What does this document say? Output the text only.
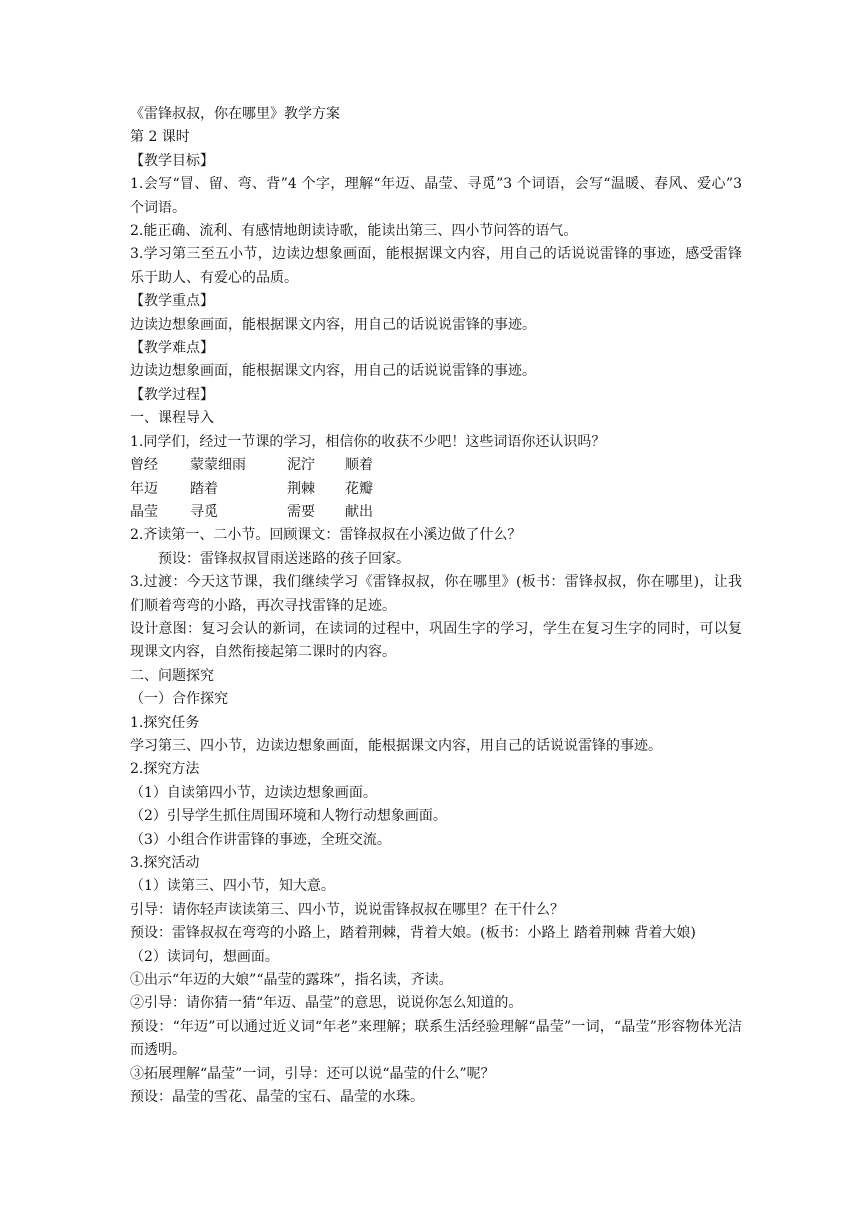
《雷锋叔叔，你在哪里》教学方案
第 2 课时
【教学目标】
1.会写“冒、留、弯、背”4 个字，理解“年迈、晶莹、寻觅”3 个词语，会写“温暖、春风、爱心”3 个词语。
2.能正确、流利、有感情地朗读诗歌，能读出第三、四小节问答的语气。
3.学习第三至五小节，边读边想象画面，能根据课文内容，用自己的话说说雷锋的事迹，感受雷锋乐于助人、有爱心的品质。
【教学重点】
边读边想象画面，能根据课文内容，用自己的话说说雷锋的事迹。
【教学难点】
边读边想象画面，能根据课文内容，用自己的话说说雷锋的事迹。
【教学过程】
一、课程导入
1.同学们，经过一节课的学习，相信你的收获不少吧！这些词语你还认识吗？
曾经	蒙蒙细雨	泥泞	顺着
年迈	踏着	荆棘	花瓣
晶莹	寻觅	需要	献出
2.齐读第一、二小节。回顾课文：雷锋叔叔在小溪边做了什么？
预设：雷锋叔叔冒雨送迷路的孩子回家。
3.过渡：今天这节课，我们继续学习《雷锋叔叔，你在哪里》(板书：雷锋叔叔，你在哪里)，让我们顺着弯弯的小路，再次寻找雷锋的足迹。
设计意图：复习会认的新词，在读词的过程中，巩固生字的学习，学生在复习生字的同时，可以复现课文内容，自然衔接起第二课时的内容。
二、问题探究
（一）合作探究
1.探究任务
学习第三、四小节，边读边想象画面，能根据课文内容，用自己的话说说雷锋的事迹。
2.探究方法
（1）自读第四小节，边读边想象画面。
（2）引导学生抓住周围环境和人物行动想象画面。
（3）小组合作讲雷锋的事迹，全班交流。
3.探究活动
（1）读第三、四小节，知大意。
引导：请你轻声读读第三、四小节，说说雷锋叔叔在哪里？在干什么？
预设：雷锋叔叔在弯弯的小路上，踏着荆棘，背着大娘。(板书：小路上 踏着荆棘 背着大娘)
（2）读词句，想画面。
①出示“年迈的大娘”“晶莹的露珠”，指名读，齐读。
②引导：请你猜一猜“年迈、晶莹”的意思，说说你怎么知道的。
预设：“年迈”可以通过近义词“年老”来理解；联系生活经验理解“晶莹”一词，“晶莹”形容物体光洁而透明。
③拓展理解“晶莹”一词，引导：还可以说“晶莹的什么”呢？
预设：晶莹的雪花、晶莹的宝石、晶莹的水珠。
